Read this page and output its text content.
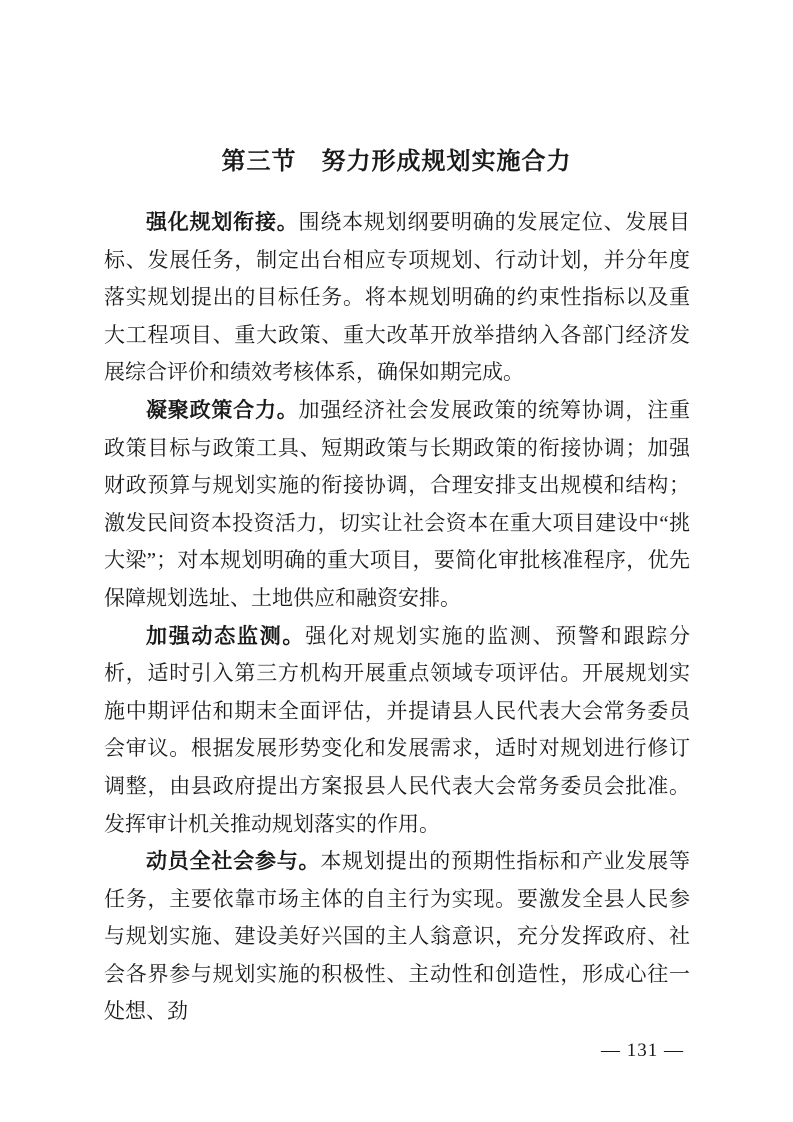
第三节　努力形成规划实施合力

强化规划衔接。围绕本规划纲要明确的发展定位、发展目标、发展任务，制定出台相应专项规划、行动计划，并分年度落实规划提出的目标任务。将本规划明确的约束性指标以及重大工程项目、重大政策、重大改革开放举措纳入各部门经济发展综合评价和绩效考核体系，确保如期完成。

凝聚政策合力。加强经济社会发展政策的统筹协调，注重政策目标与政策工具、短期政策与长期政策的衔接协调；加强财政预算与规划实施的衔接协调，合理安排支出规模和结构；激发民间资本投资活力，切实让社会资本在重大项目建设中“挑大梁”；对本规划明确的重大项目，要简化审批核准程序，优先保障规划选址、土地供应和融资安排。

加强动态监测。强化对规划实施的监测、预警和跟踪分析，适时引入第三方机构开展重点领域专项评估。开展规划实施中期评估和期末全面评估，并提请县人民代表大会常务委员会审议。根据发展形势变化和发展需求，适时对规划进行修订调整，由县政府提出方案报县人民代表大会常务委员会批准。发挥审计机关推动规划落实的作用。

动员全社会参与。本规划提出的预期性指标和产业发展等任务，主要依靠市场主体的自主行为实现。要激发全县人民参与规划实施、建设美好兴国的主人翁意识，充分发挥政府、社会各界参与规划实施的积极性、主动性和创造性，形成心往一处想、劲

— 131 —
